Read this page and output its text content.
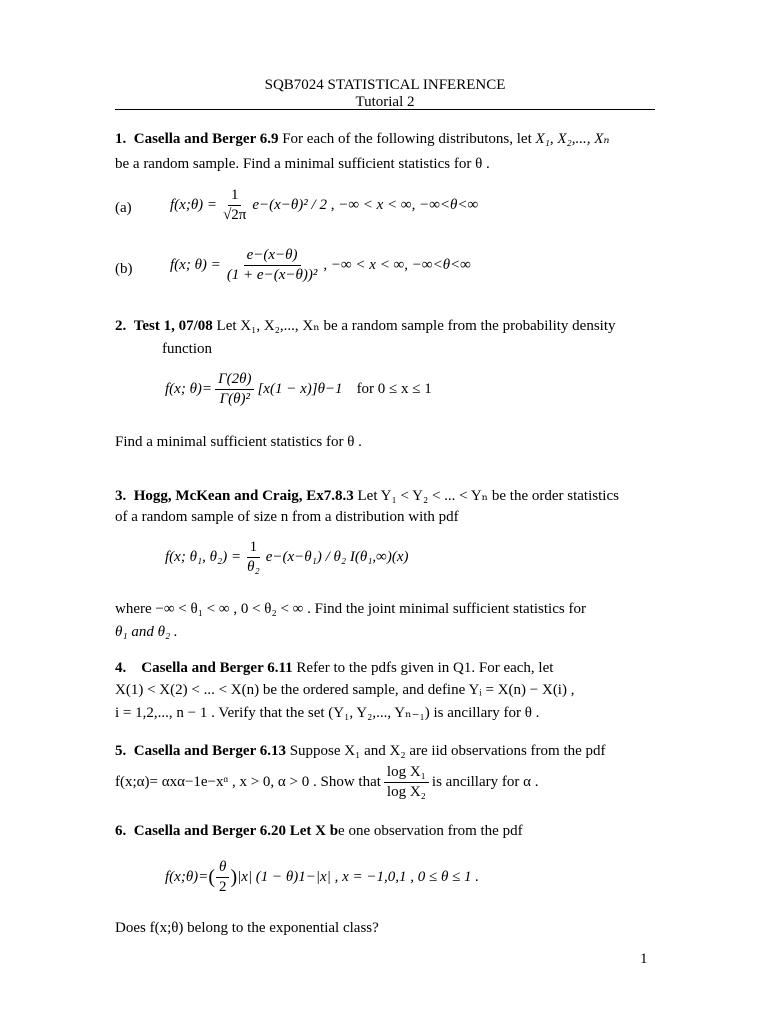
SQB7024 STATISTICAL INFERENCE
Tutorial 2
1. Casella and Berger 6.9 For each of the following distributons, let X₁, X₂,..., Xₙ
be a random sample. Find a minimal sufficient statistics for θ .
(a)	f(x;θ) = $\frac{1}{√2\pi} e-(x-\theta)^2 / 2$ , −∞ < x < ∞, −∞<θ<∞
(b)	f(x; $\theta) = \frac{e-(x-\theta)}{\text{(1 + e−(x−θ))²}}$ , −∞ < x < ∞, −∞<θ<∞
2. Test 1, 07/08 Let X₁, X₂,..., Xₙ be a random sample from the probability density
function
f(x; $\theta)= \frac{\Gamma(2\theta)}{\text{Γ(θ)²}} [x(1 - x)]\theta-1$ for 0 ≤ x ≤ 1
Find a minimal sufficient statistics for θ .
3. Hogg, McKean and Craig, Ex7.8.3 Let Y₁ < Y₂ < ... < Yₙ be the order statistics
of a random sample of size n from a distribution with pdf
f(x; θ₁, $\theta_2) = \frac{1}{\text{θ₂}} e-(x-\theta_1) / \theta_2$ I(θ₁,∞)(x)
where −∞ < θ₁ < ∞ , 0 < θ₂ < ∞ . Find the joint minimal sufficient statistics for
θ₁ and θ₂ .
4. Casella and Berger 6.11 Refer to the pdfs given in Q1. For each, let
X(1) < X(2) < ... < X(n) be the ordered sample, and define Yᵢ = X(n) − X(i) ,
i = 1,2,..., n − 1 . Verify that the set (Y₁, Y₂,..., Yₙ₋₁) is ancillary for θ .
5. Casella and Berger 6.13 Suppose X₁ and X₂ are iid observations from the pdf
f(x;α)= αxα−1e−xᵅ , x > 0, α > 0 . Show that $\frac{\text{log X₁}}{\text{log X₂}}$ is ancillary for α .
6. Casella and Berger 6.20 Let X be one observation from the pdf
f(x;θ)= ( $\frac{\theta}{2}$ ) |x| (1 − θ)1−|x| , x = −1,0,1 , 0 ≤ θ ≤ 1 .
Does f(x;θ) belong to the exponential class?
1
